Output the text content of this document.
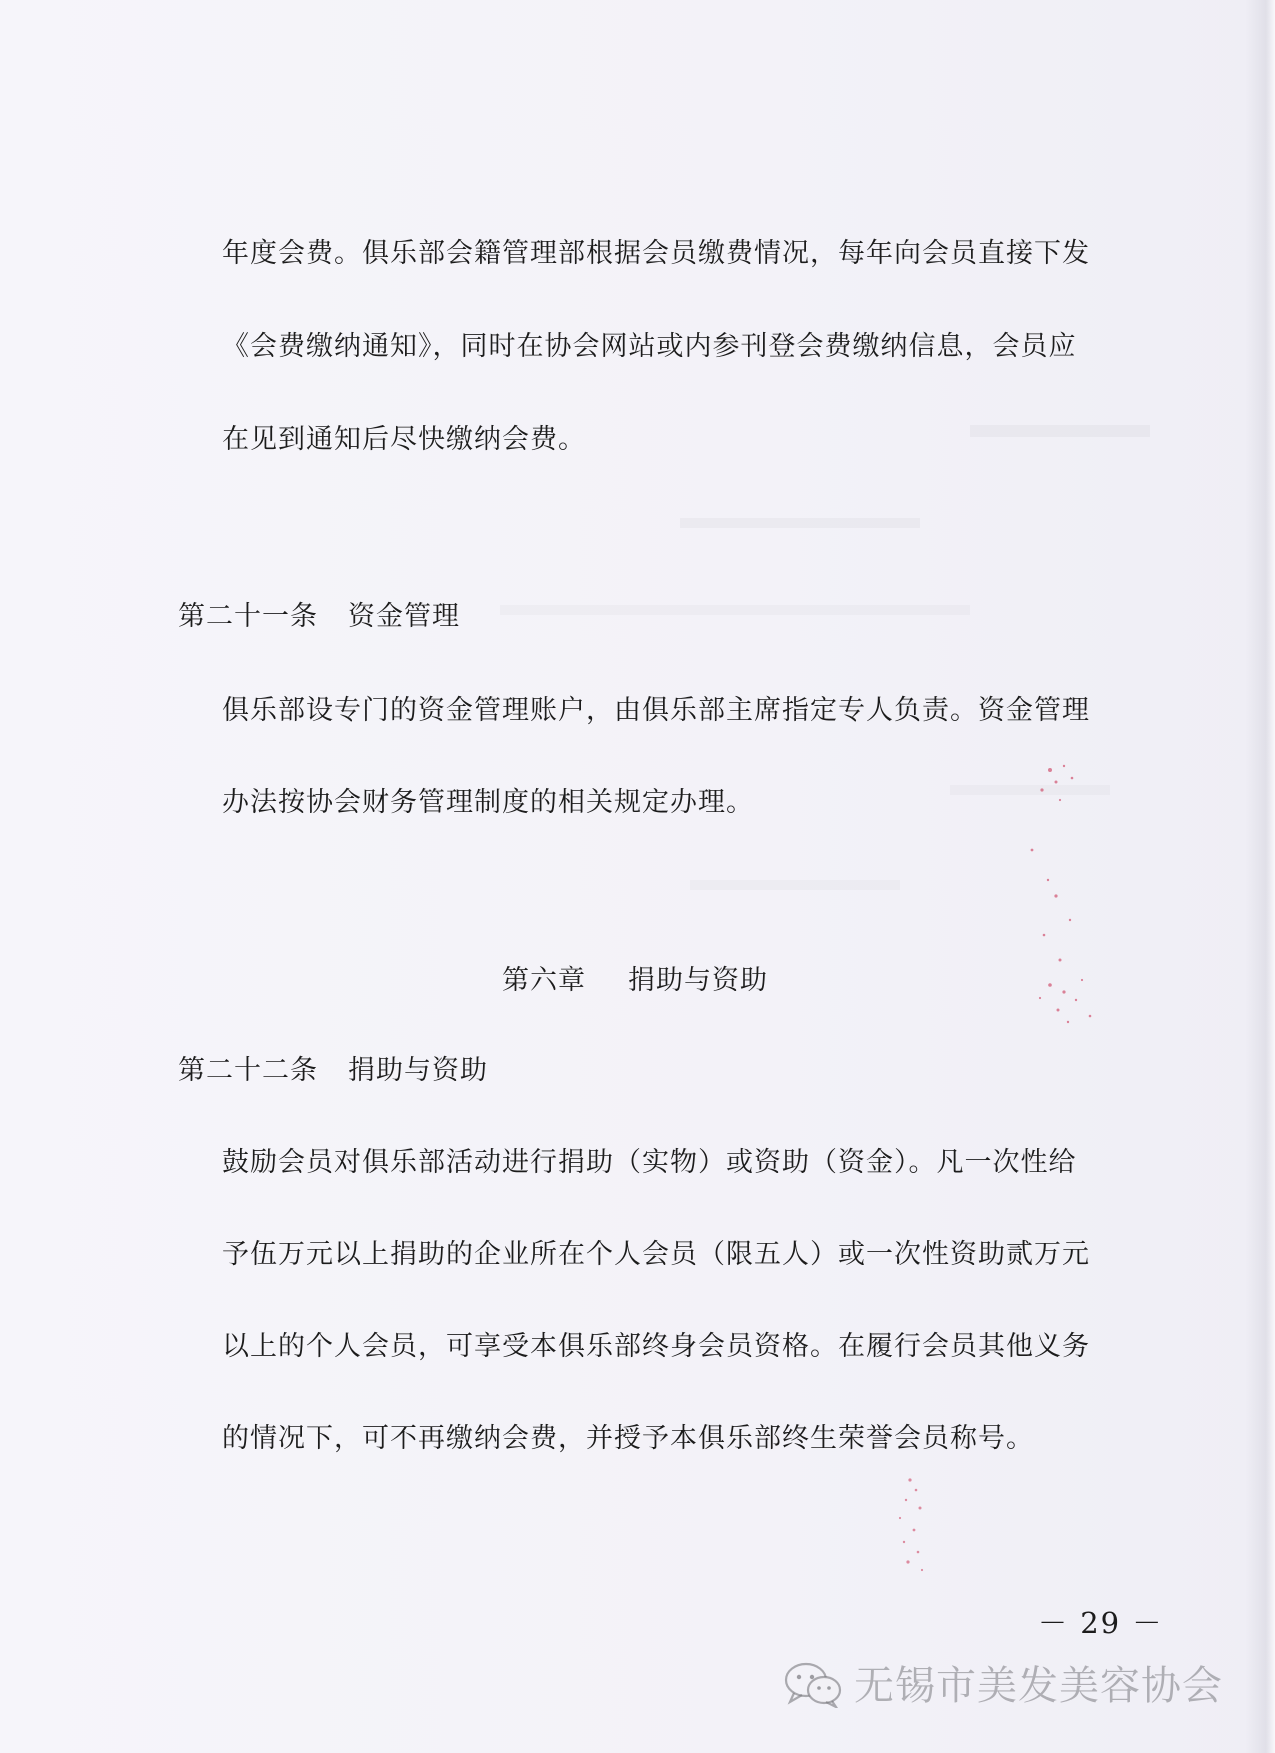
年度会费。俱乐部会籍管理部根据会员缴费情况，每年向会员直接下发
《会费缴纳通知》，同时在协会网站或内参刊登会费缴纳信息，会员应
在见到通知后尽快缴纳会费。
第二十一条 资金管理
俱乐部设专门的资金管理账户，由俱乐部主席指定专人负责。资金管理
办法按协会财务管理制度的相关规定办理。
第六章 捐助与资助
第二十二条 捐助与资助
鼓励会员对俱乐部活动进行捐助（实物）或资助（资金）。凡一次性给
予伍万元以上捐助的企业所在个人会员（限五人）或一次性资助贰万元
以上的个人会员，可享受本俱乐部终身会员资格。在履行会员其他义务
的情况下，可不再缴纳会费，并授予本俱乐部终生荣誉会员称号。
－ 29 －
无锡市美发美容协会
